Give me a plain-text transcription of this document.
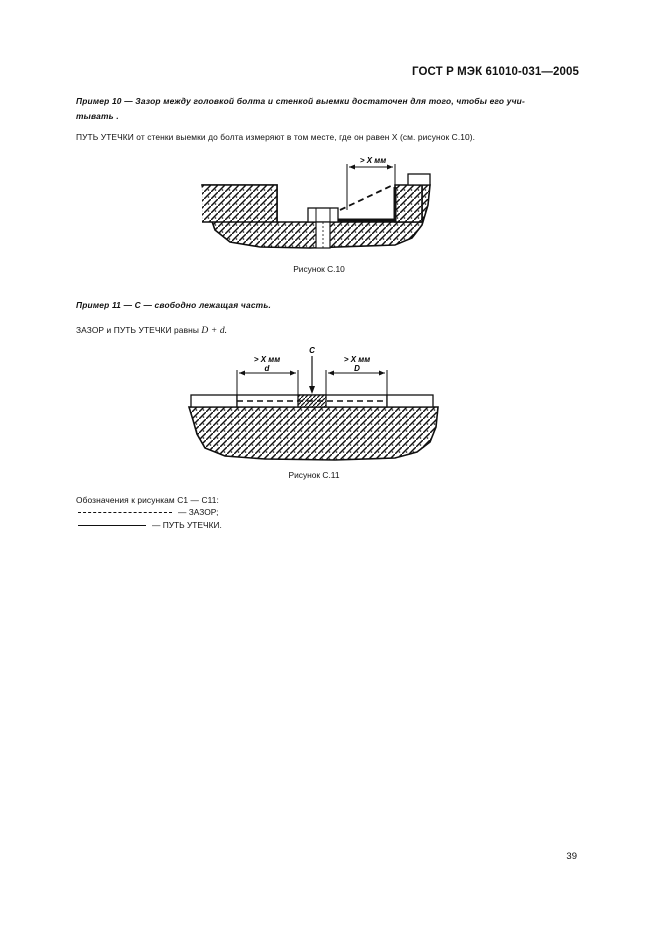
ГОСТ Р МЭК 61010-031—2005
Пример 10 — Зазор между головкой болта и стенкой выемки достаточен для того, чтобы его учи-
тывать .
ПУТЬ УТЕЧКИ от стенки выемки до болта измеряют в том месте, где он равен X (см. рисунок С.10).
> X мм
Рисунок С.10
Пример 11 — C — свободно лежащая часть.
ЗАЗОР и ПУТЬ УТЕЧКИ равны D + d.
> X мм
d
> X мм
D
C
Рисунок С.11
Обозначения к рисункам С1 — С11:
— ЗАЗОР;
— ПУТЬ УТЕЧКИ.
39
